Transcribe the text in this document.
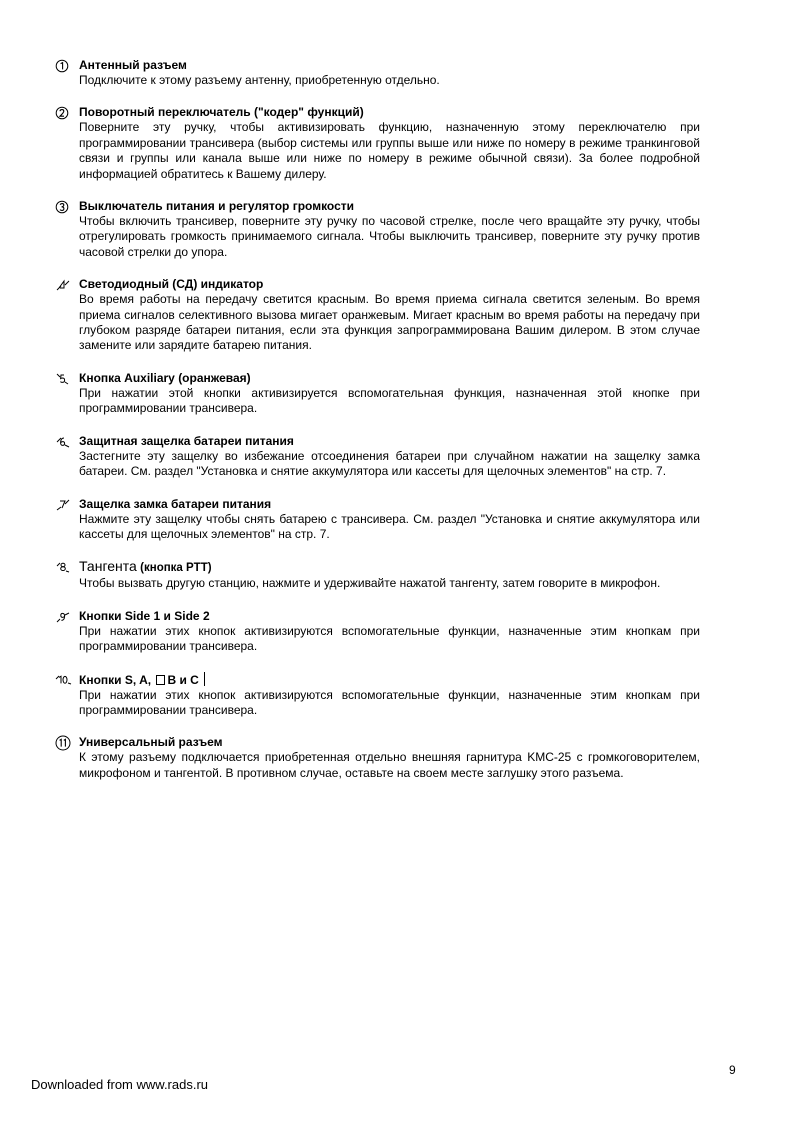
Антенный разъем
Подключите к этому разъему антенну, приобретенную отдельно.
Поворотный переключатель ("кодер" функций)
Поверните эту ручку, чтобы активизировать функцию, назначенную этому переключателю при программировании трансивера (выбор системы или группы выше или ниже по номеру в режиме транкинговой связи и группы или канала выше или ниже по номеру в режиме обычной связи). За более подробной информацией обратитесь к Вашему дилеру.
Выключатель питания и регулятор громкости
Чтобы включить трансивер, поверните эту ручку по часовой стрелке, после чего вращайте эту ручку, чтобы отрегулировать громкость принимаемого сигнала. Чтобы выключить трансивер, поверните эту ручку против часовой стрелки до упора.
Светодиодный (СД) индикатор
Во время работы на передачу светится красным. Во время приема сигнала светится зеленым. Во время приема сигналов селективного вызова мигает оранжевым. Мигает красным во время работы на передачу при глубоком разряде батареи питания, если эта функция запрограммирована Вашим дилером. В этом случае замените или зарядите батарею питания.
Кнопка Auxiliary (оранжевая)
При нажатии этой кнопки активизируется вспомогательная функция, назначенная этой кнопке при программировании трансивера.
Защитная защелка батареи питания
Застегните эту защелку во избежание отсоединения батареи при случайном нажатии на защелку замка батареи. См. раздел "Установка и снятие аккумулятора или кассеты для щелочных элементов" на стр. 7.
Защелка замка батареи питания
Нажмите эту защелку чтобы снять батарею с трансивера. См. раздел "Установка и снятие аккумулятора или кассеты для щелочных элементов" на стр. 7.
Тангента (кнопка PTT)
Чтобы вызвать другую станцию, нажмите и удерживайте нажатой тангенту, затем говорите в микрофон.
Кнопки Side 1 и Side 2
При нажатии этих кнопок активизируются вспомогательные функции, назначенные этим кнопкам при программировании трансивера.
Кнопки S, A, B и C
При нажатии этих кнопок активизируются вспомогательные функции, назначенные этим кнопкам при программировании трансивера.
Универсальный разъем
К этому разъему подключается приобретенная отдельно внешняя гарнитура KMC-25 с громкоговорителем, микрофоном и тангентой. В противном случае, оставьте на своем месте заглушку этого разъема.
9
Downloaded from www.rads.ru
